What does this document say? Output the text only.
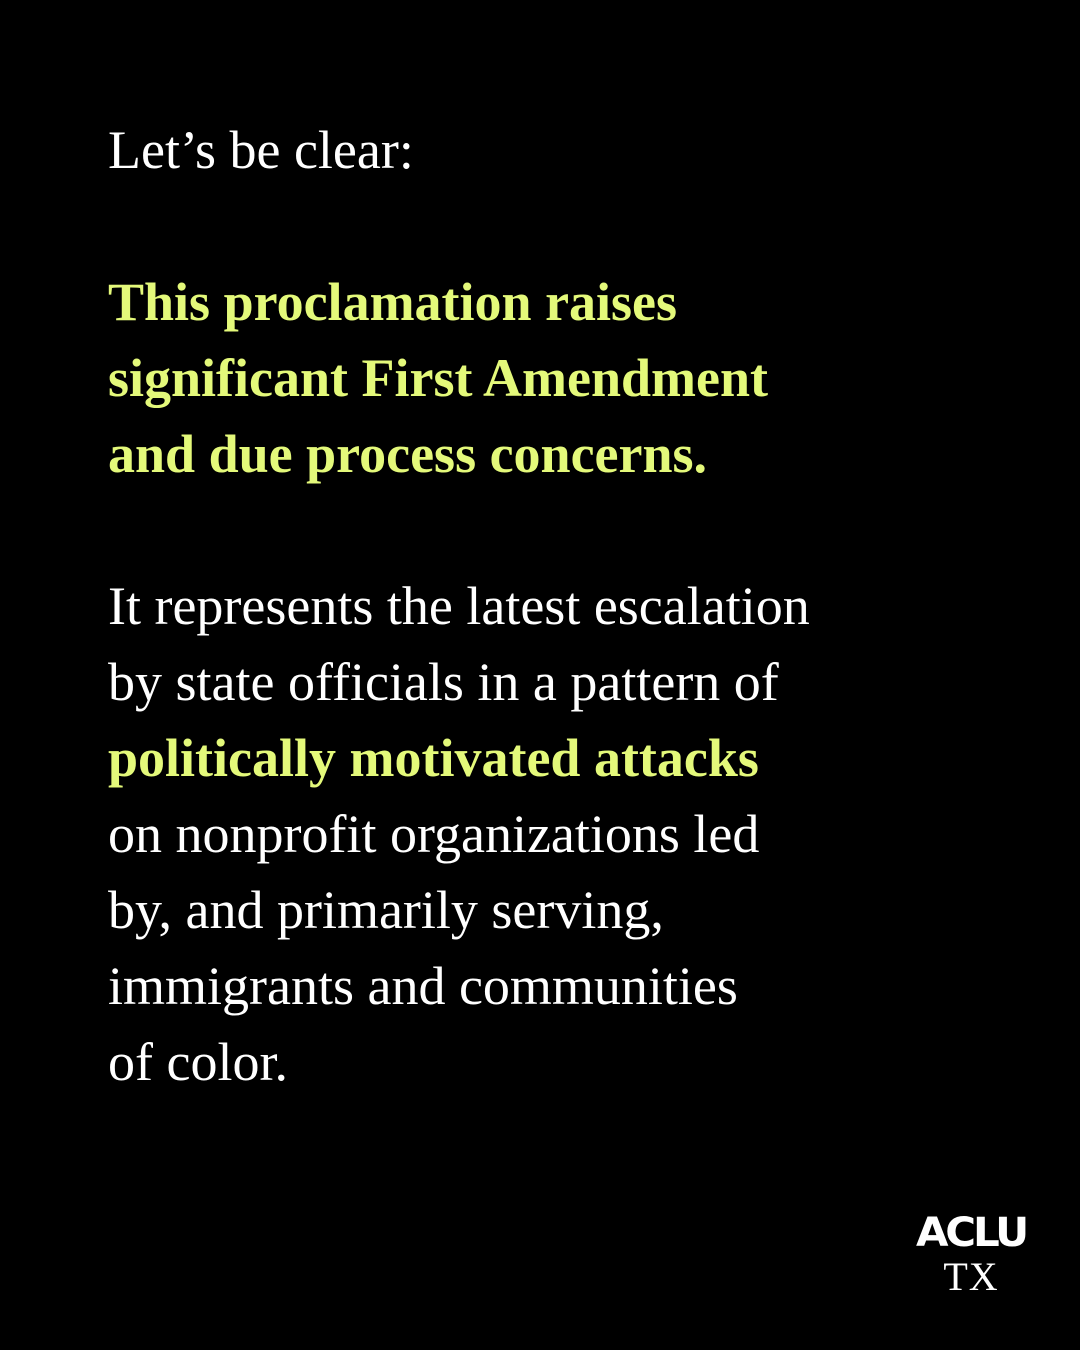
Let’s be clear:

This proclamation raises
significant First Amendment
and due process concerns.

It represents the latest escalation
by state officials in a pattern of
politically motivated attacks
on nonprofit organizations led
by, and primarily serving,
immigrants and communities
of color.

ACLU
TX
